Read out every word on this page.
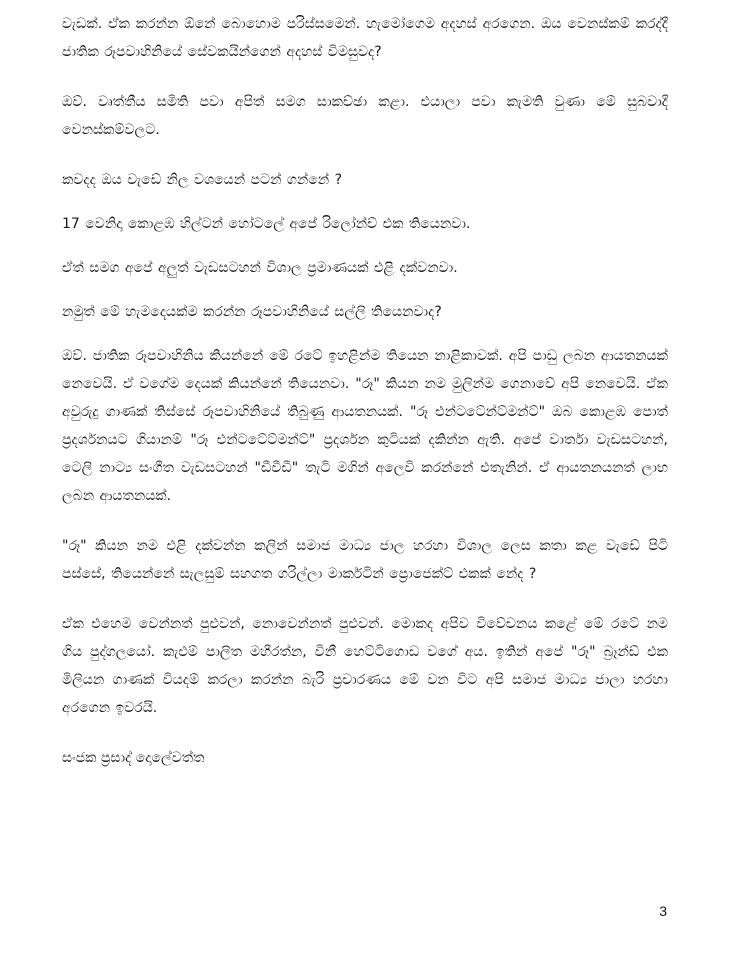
වැඩක්. ඒක කරන්න ඕනේ බොහොම පරිස්සමෙන්. හැමෝගෙම අදහස් අරගෙන. ඔය වෙනස්කම් කරද්දී ජාතික රූපවාහිනියේ සේවකයින්ගෙන් අදහස් විමසුවද?

ඔව්. වෘත්තීය සමිති පවා අපිත් සමග සාකච්ඡා කළා. එයාලා පවා කැමති වුණා මේ සුබවාදී වෙනස්කම්වලට.

කවදද ඔය වැඩේ නිල වශයෙන් පටන් ගන්නේ ?

17 වෙනිදා කොළඹ හිල්ටන් හෝටලේ අපේ රිලෝන්ච් එක තියෙනවා.

ඒත් සමග අපේ අලුත් වැඩසටහන් විශාල ප්‍රමාණයක් එළි දක්වනවා.

නමුත් මේ හැමදෙයක්ම කරන්න රූපවාහිනියේ සල්ලි තියෙනවාද?

ඔව්. ජාතික රූපවාහිනිය කියන්නේ මේ රටේ ඉහළින්ම තියෙන නාළිකාවක්. අපි පාඩු ලබන ආයතනයක් නෙවෙයි. ඒ වගේම දෙයක් කියන්නේ තියෙනවා. "රූ" කියන නම මුලින්ම ගෙනාවේ අපි නෙවෙයි. ඒක අවුරුදු ගාණක් තිස්සේ රූපවාහිනියේ තිබුණු ආයතනයක්. "රූ එන්ටටේන්ට්මන්ට්" ඔබ කොළඹ පොත් ප්‍රදර්ශනයට ගියානම් "රූ එන්ටටේට්මන්ට්" ප්‍රදර්ශන කුටියක් දකින්න ඇති. අපේ වාර්තා වැඩසටහන්, ටෙලි නාට්‍ය සංගීත වැඩසටහන් "ඩීවීඩී" තැටි මගින් අලෙවි කරන්නේ එතැනින්. ඒ ආයතනයනත් ලාභ ලබන ආයතනයක්.

"රූ" කියන නම එළි දක්වන්න කලින් සමාජ මාධ්‍ය ජාල හරහා විශාල ලෙස කතා කළ වැඩේ පිටි පස්සේ, තියෙන්නේ සැලසුම් සහගත ගරිල්ලා මාර්කටින් ප්‍රොජෙක්ට් එකක් නේද ?

ඒක එහෙම වෙන්නත් පුළුවන්, නොවෙන්නත් පුළුවන්. මොකද අපිව විවේචනය කළේ මේ රටේ නම ගිය පුද්ගලයෝ. කැළුම් පාලිත මහීරත්න, විනී හෙට්ටිගොඩ වගේ අය. ඉතින් අපේ "රූ" බ්‍රෑන්ඩ් එක මිලියන ගාණක් වියදම් කරලා කරන්න බැරි ප්‍රචාරණය මේ වන විට අපි සමාජ මාධ්‍ය ජාලා හරහා අරගෙන ඉවරයි.

සංජක ප්‍රසාද් දොලේවත්ත

3
